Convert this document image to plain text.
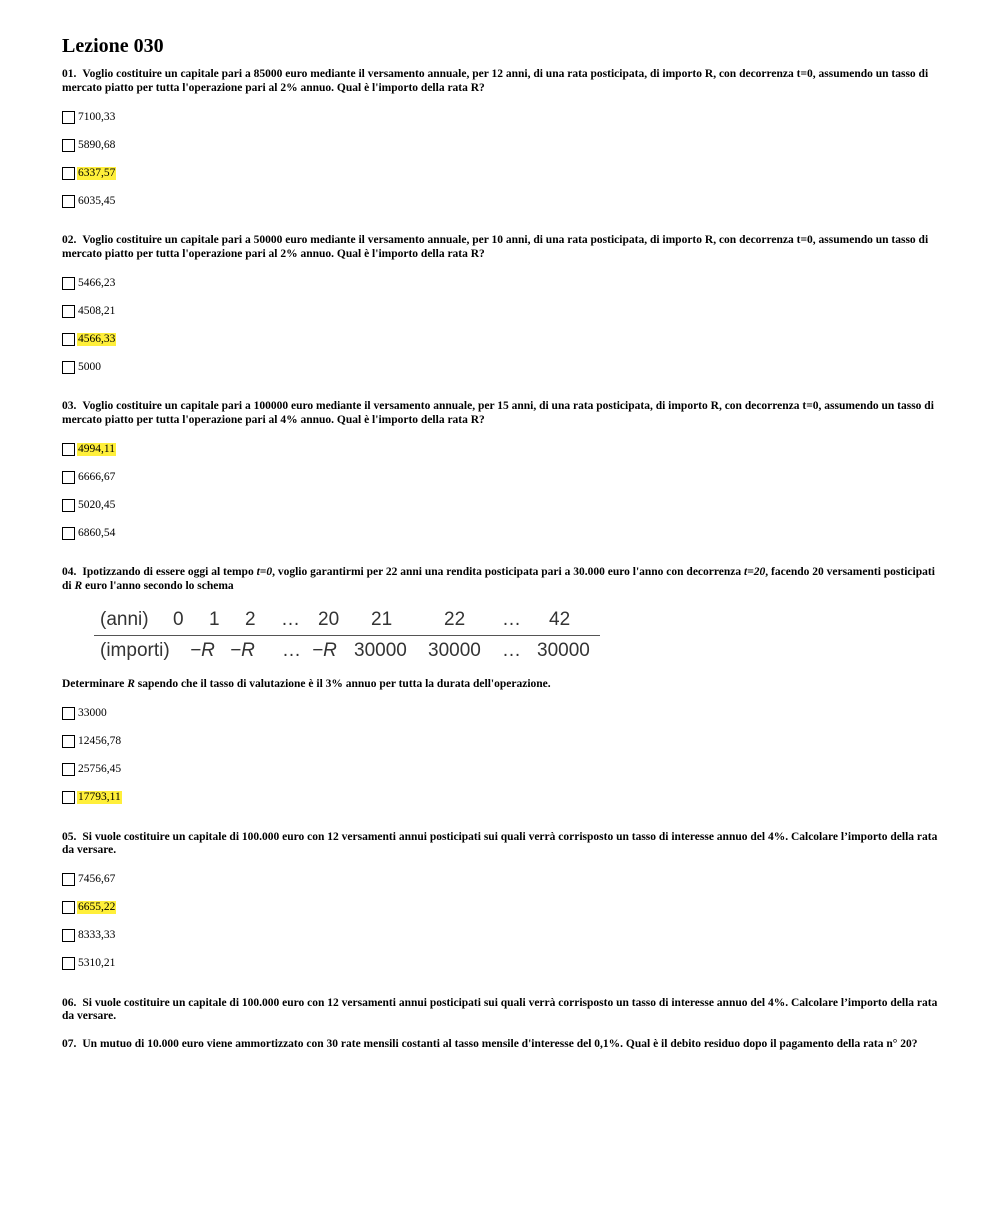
Lezione 030

01. Voglio costituire un capitale pari a 85000 euro mediante il versamento annuale, per 12 anni, di una rata posticipata, di importo R, con decorrenza t=0, assumendo un tasso di mercato piatto per tutta l'operazione pari al 2% annuo. Qual è l'importo della rata R?

7100,33
5890,68
6337,57
6035,45

02. Voglio costituire un capitale pari a 50000 euro mediante il versamento annuale, per 10 anni, di una rata posticipata, di importo R, con decorrenza t=0, assumendo un tasso di mercato piatto per tutta l'operazione pari al 2% annuo. Qual è l'importo della rata R?

5466,23
4508,21
4566,33
5000

03. Voglio costituire un capitale pari a 100000 euro mediante il versamento annuale, per 15 anni, di una rata posticipata, di importo R, con decorrenza t=0, assumendo un tasso di mercato piatto per tutta l'operazione pari al 4% annuo. Qual è l'importo della rata R?

4994,11
6666,67
5020,45
6860,54

04. Ipotizzando di essere oggi al tempo t=0, voglio garantirmi per 22 anni una rendita posticipata pari a 30.000 euro l'anno con decorrenza t=20, facendo 20 versamenti posticipati di R euro l'anno secondo lo schema

(anni) 0 1 2 … 20 21	22 … 42
(importi) −R −R … −R 30000 30000 … 30000

Determinare R sapendo che il tasso di valutazione è il 3% annuo per tutta la durata dell'operazione.

33000
12456,78
25756,45
17793,11

05. Si vuole costituire un capitale di 100.000 euro con 12 versamenti annui posticipati sui quali verrà corrisposto un tasso di interesse annuo del 4%. Calcolare l’importo della rata da versare.

7456,67
6655,22
8333,33
5310,21

06. Si vuole costituire un capitale di 100.000 euro con 12 versamenti annui posticipati sui quali verrà corrisposto un tasso di interesse annuo del 4%. Calcolare l’importo della rata da versare.

07. Un mutuo di 10.000 euro viene ammortizzato con 30 rate mensili costanti al tasso mensile d'interesse del 0,1%. Qual è il debito residuo dopo il pagamento della rata n° 20?
